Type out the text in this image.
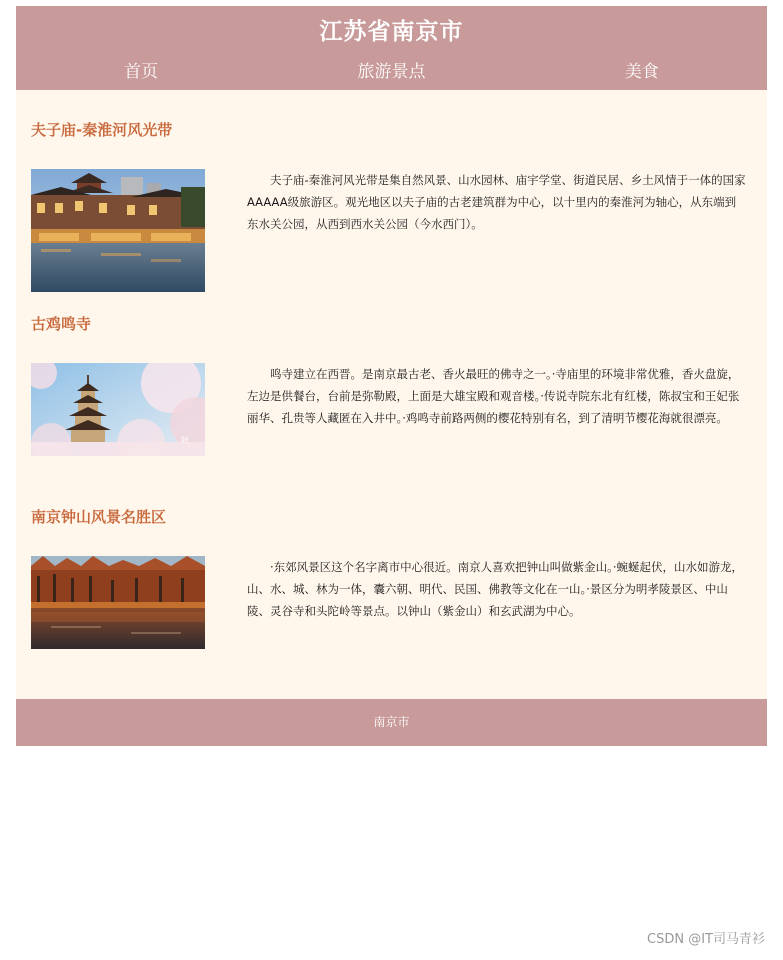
江苏省南京市
首页	旅游景点	美食
夫子庙-秦淮河风光带

夫子庙-秦淮河风光带是集自然风景、山水园林、庙宇学堂、街道民居、乡土风情于一体的国家AAAAA级旅游区。观光地区以夫子庙的古老建筑群为中心，以十里内的秦淮河为轴心，从东端到东水关公园，从西到西水关公园（今水西门）。

古鸡鸣寺
秋

鸣寺建立在西晋。是南京最古老、香火最旺的佛寺之一。·寺庙里的环境非常优雅，香火盘旋，左边是供餐台，台前是弥勒殿，上面是大雄宝殿和观音楼。·传说寺院东北有红楼，陈叔宝和王妃张丽华、孔贵等人藏匿在入井中。·鸡鸣寺前路两侧的樱花特别有名，到了清明节樱花海就很漂亮。

南京钟山风景名胜区

·东郊风景区这个名字离市中心很近。南京人喜欢把钟山叫做紫金山。·蜿蜒起伏，山水如游龙，山、水、城、林为一体，囊六朝、明代、民国、佛教等文化在一山。·景区分为明孝陵景区、中山陵、灵谷寺和头陀岭等景点。以钟山（紫金山）和玄武湖为中心。

南京市
CSDN @IT司马青衫
